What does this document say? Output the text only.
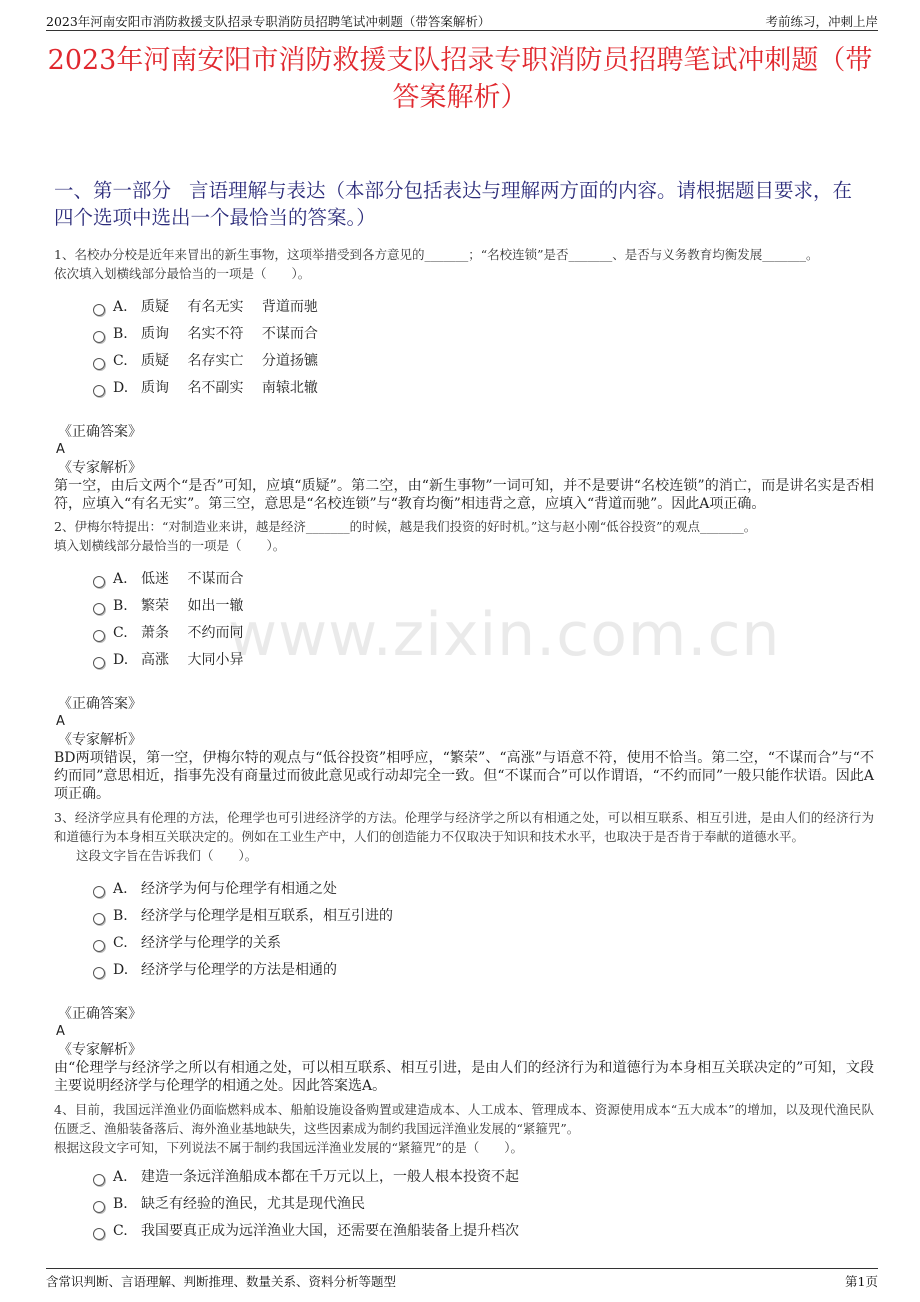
2023年河南安阳市消防救援支队招录专职消防员招聘笔试冲刺题（带答案解析）	考前练习，冲刺上岸
2023年河南安阳市消防救援支队招录专职消防员招聘笔试冲刺题（带答案解析）
一、第一部分 言语理解与表达（本部分包括表达与理解两方面的内容。请根据题目要求，在四个选项中选出一个最恰当的答案。）
www.zixin.com.cn

1、名校办分校是近年来冒出的新生事物，这项举措受到各方意见的_______；“名校连锁”是否_______、是否与义务教育均衡发展_______。

依次填入划横线部分最恰当的一项是（　　）。

A. 质疑 有名无实 背道而驰
B. 质询 名实不符 不谋而合
C. 质疑 名存实亡 分道扬镳
D. 质询 名不副实 南辕北辙
《正确答案》
A
《专家解析》
第一空，由后文两个“是否”可知，应填“质疑”。第二空，由“新生事物”一词可知，并不是要讲“名校连锁”的消亡，而是讲名实是否相符，应填入“有名无实”。第三空，意思是“名校连锁”与“教育均衡”相违背之意，应填入“背道而驰”。因此A项正确。

2、伊梅尔特提出：“对制造业来讲，越是经济_______的时候，越是我们投资的好时机。”这与赵小刚“低谷投资”的观点_______。

填入划横线部分最恰当的一项是（　　）。

A. 低迷 不谋而合
B. 繁荣 如出一辙
C. 萧条 不约而同
D. 高涨 大同小异
《正确答案》
A
《专家解析》
BD两项错误，第一空，伊梅尔特的观点与“低谷投资”相呼应，“繁荣”、“高涨”与语意不符，使用不恰当。第二空，“不谋而合”与“不约而同”意思相近，指事先没有商量过而彼此意见或行动却完全一致。但“不谋而合”可以作谓语，“不约而同”一般只能作状语。因此A项正确。

3、经济学应具有伦理的方法，伦理学也可引进经济学的方法。伦理学与经济学之所以有相通之处，可以相互联系、相互引进，是由人们的经济行为和道德行为本身相互关联决定的。例如在工业生产中，人们的创造能力不仅取决于知识和技术水平，也取决于是否肯于奉献的道德水平。

这段文字旨在告诉我们（　　）。

A. 经济学为何与伦理学有相通之处
B. 经济学与伦理学是相互联系，相互引进的
C. 经济学与伦理学的关系
D. 经济学与伦理学的方法是相通的
《正确答案》
A
《专家解析》
由“伦理学与经济学之所以有相通之处，可以相互联系、相互引进，是由人们的经济行为和道德行为本身相互关联决定的”可知，文段主要说明经济学与伦理学的相通之处。因此答案选A。

4、目前，我国远洋渔业仍面临燃料成本、船舶设施设备购置或建造成本、人工成本、管理成本、资源使用成本“五大成本”的增加，以及现代渔民队伍匮乏、渔船装备落后、海外渔业基地缺失，这些因素成为制约我国远洋渔业发展的“紧箍咒”。

根据这段文字可知，下列说法不属于制约我国远洋渔业发展的“紧箍咒”的是（　　）。

A. 建造一条远洋渔船成本都在千万元以上，一般人根本投资不起
B. 缺乏有经验的渔民，尤其是现代渔民
C. 我国要真正成为远洋渔业大国，还需要在渔船装备上提升档次
含常识判断、言语理解、判断推理、数量关系、资料分析等题型	第1页
